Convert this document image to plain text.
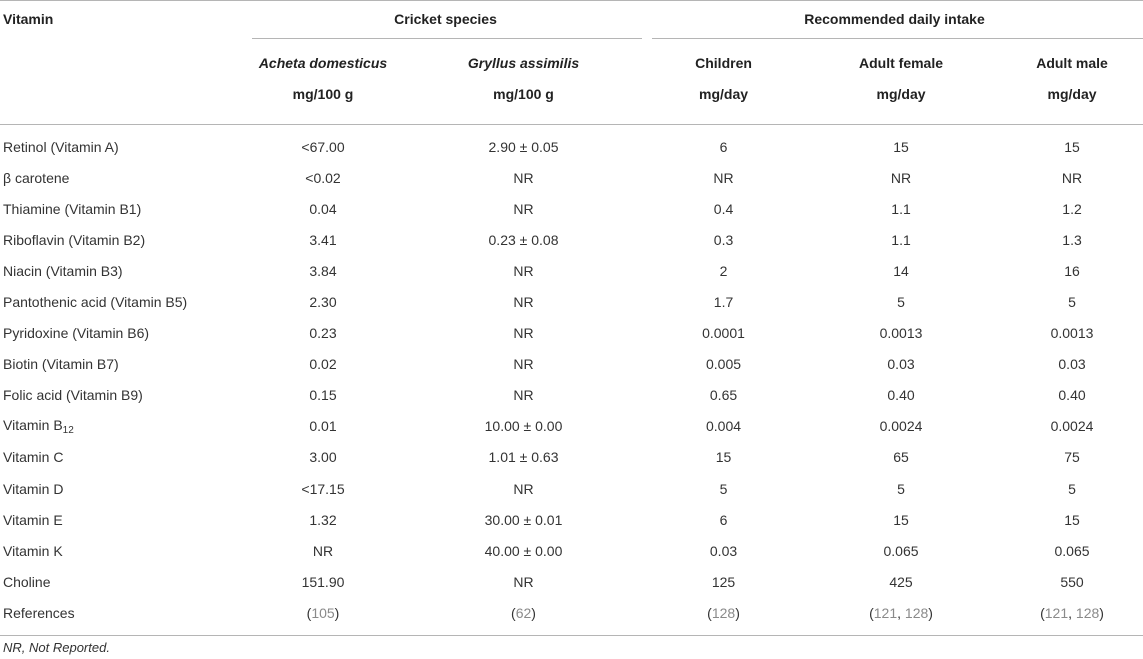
Vitamin	Cricket species		Recommended daily intake		
	Acheta domesticus	Gryllus assimilis	Children	Adult female	Adult male
	mg/100 g	mg/100 g	mg/day	mg/day	mg/day
Retinol (Vitamin A)	<67.00	2.90 ± 0.05	6	15	15
β carotene	<0.02	NR	NR	NR	NR
Thiamine (Vitamin B1)	0.04	NR	0.4	1.1	1.2
Riboflavin (Vitamin B2)	3.41	0.23 ± 0.08	0.3	1.1	1.3
Niacin (Vitamin B3)	3.84	NR	2	14	16
Pantothenic acid (Vitamin B5)	2.30	NR	1.7	5	5
Pyridoxine (Vitamin B6)	0.23	NR	0.0001	0.0013	0.0013
Biotin (Vitamin B7)	0.02	NR	0.005	0.03	0.03
Folic acid (Vitamin B9)	0.15	NR	0.65	0.40	0.40
Vitamin $B_{12}$	0.01	10.00 ± 0.00	0.004	0.0024	0.0024
Vitamin C	3.00	1.01 ± 0.63	15	65	75
Vitamin D	<17.15	NR	5	5	5
Vitamin E	1.32	30.00 ± 0.01	6	15	15
Vitamin K	NR	40.00 ± 0.00	0.03	0.065	0.065
Choline	151.90	NR	125	425	550
References	(105)	(62)	(128)	(121, 128)	(121, 128)
NR, Not Reported.
